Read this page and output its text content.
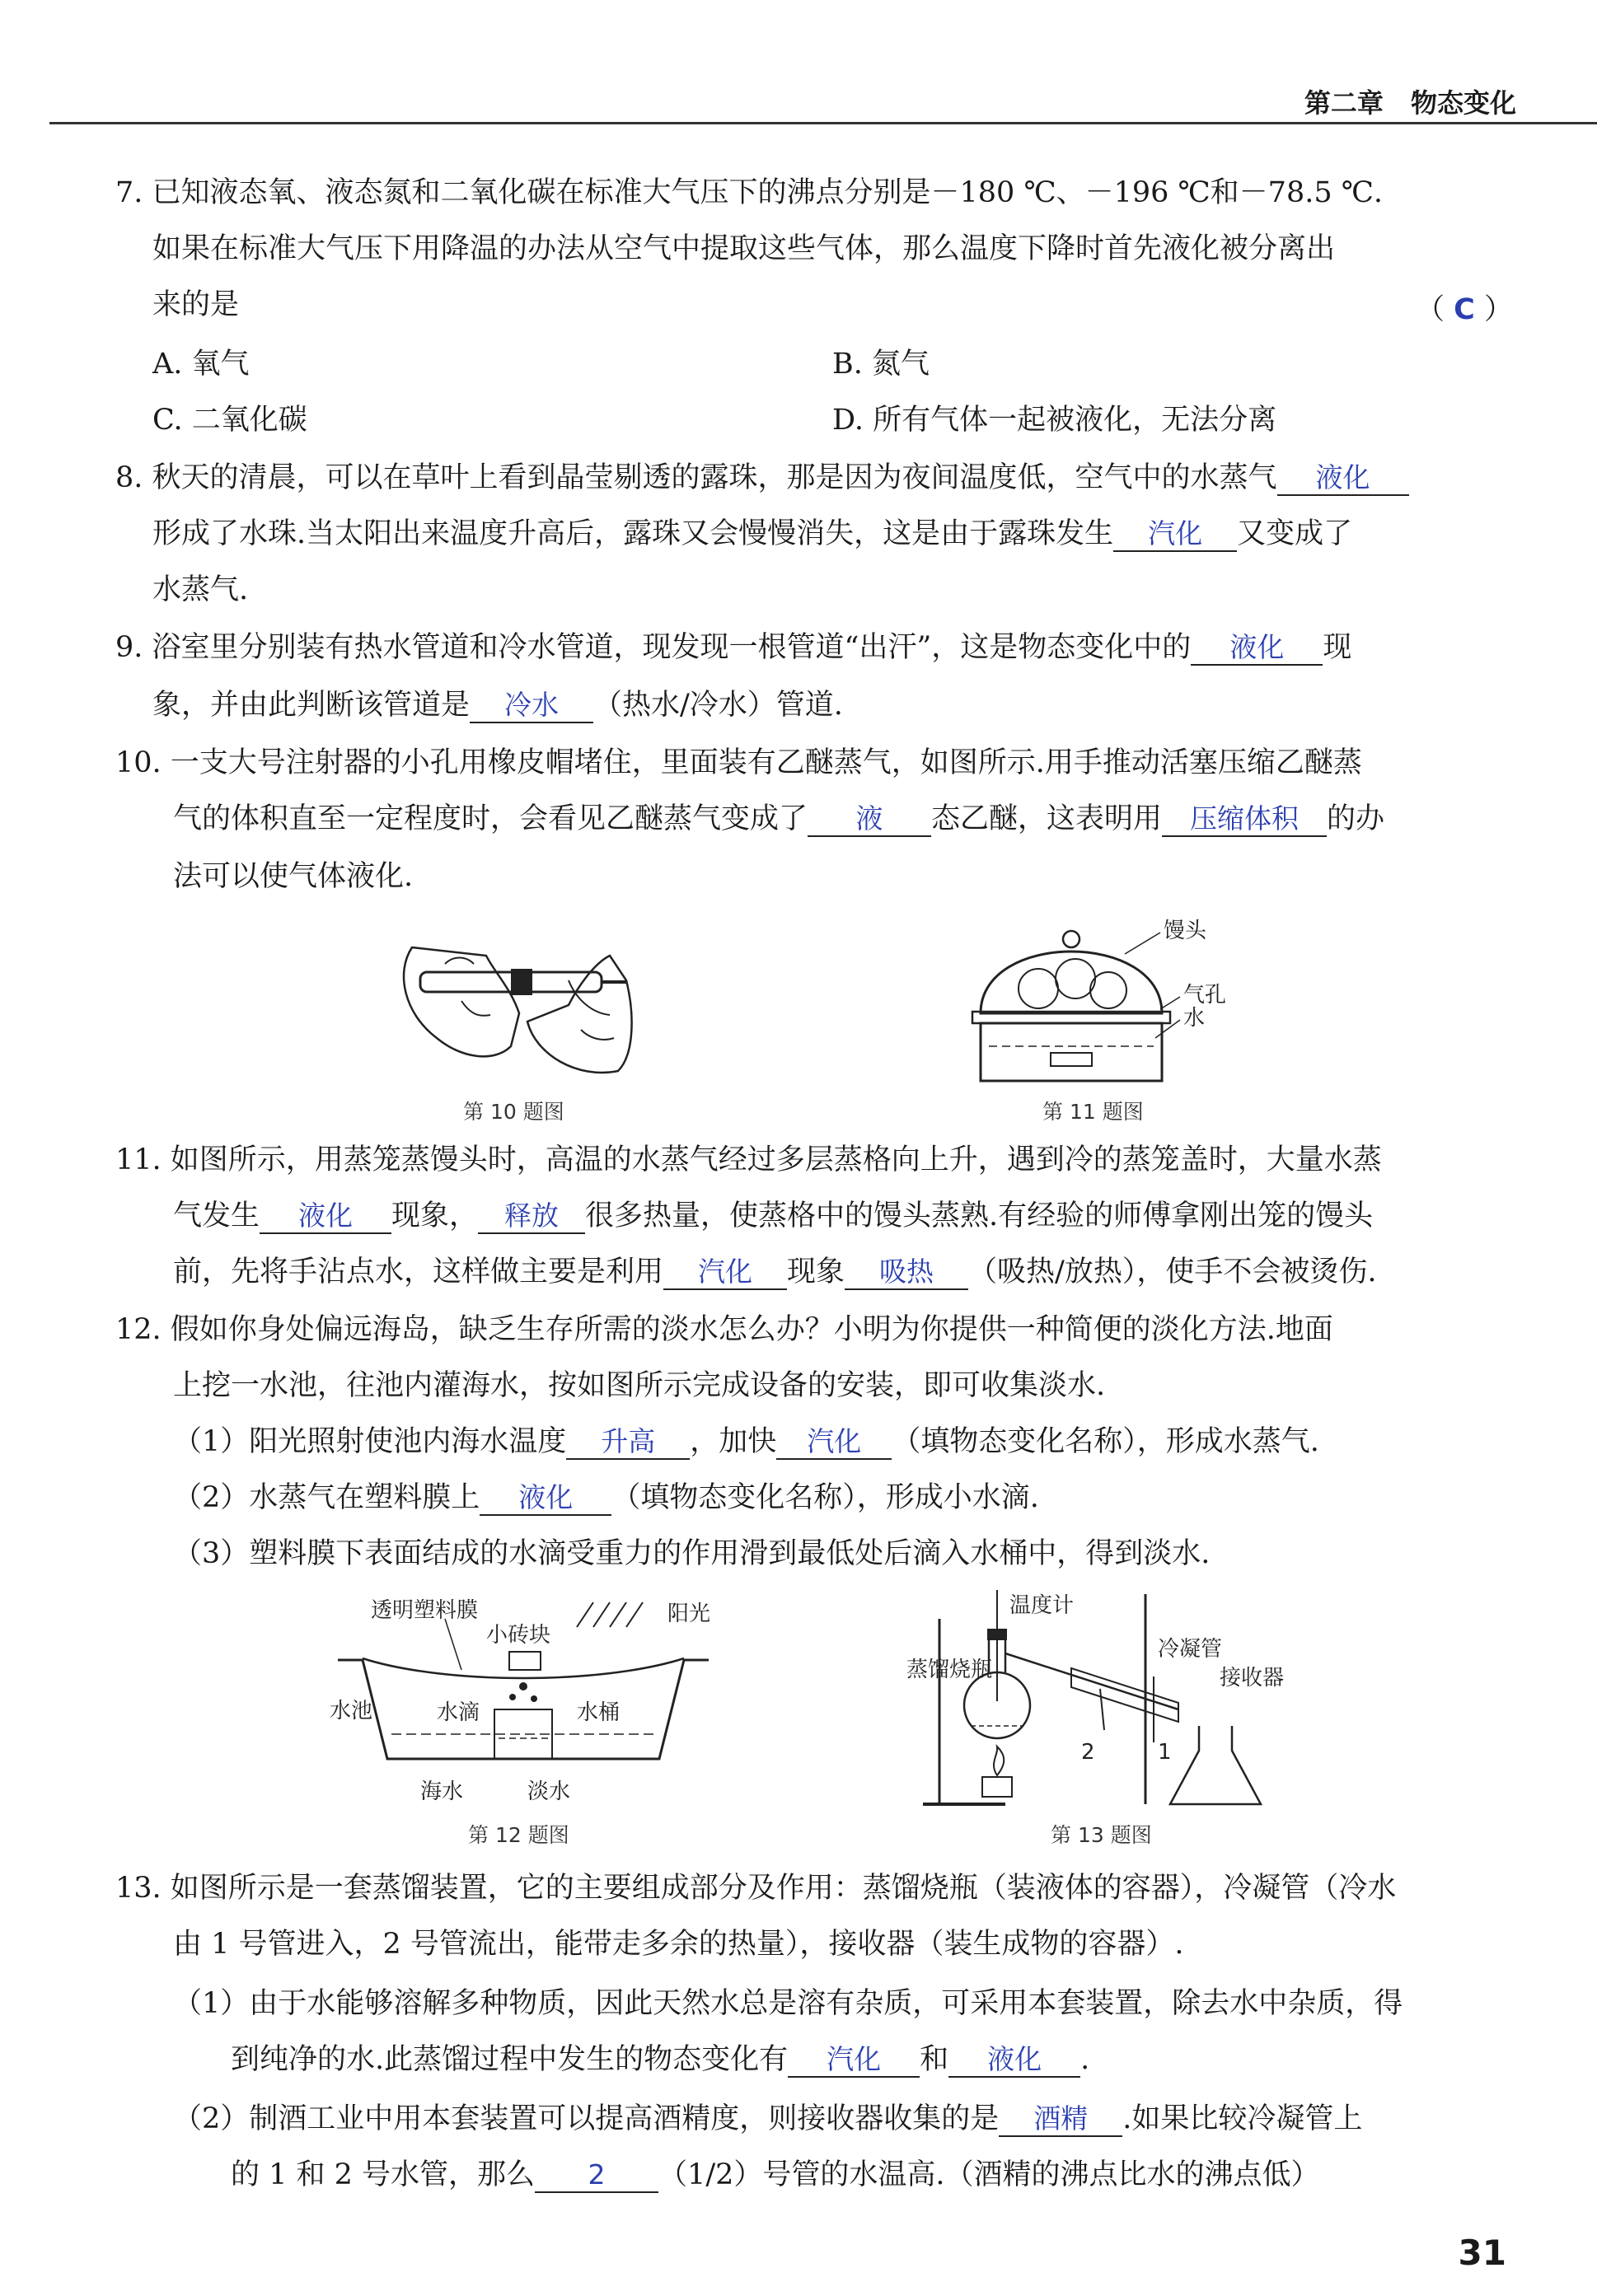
第二章 物态变化
7. 已知液态氧、液态氮和二氧化碳在标准大气压下的沸点分别是－180 ℃、－196 ℃和－78.5 ℃.
如果在标准大气压下用降温的办法从空气中提取这些气体，那么温度下降时首先液化被分离出
来的是	（ C ）
A. 氧气	B. 氮气
C. 二氧化碳	D. 所有气体一起被液化，无法分离
8. 秋天的清晨，可以在草叶上看到晶莹剔透的露珠，那是因为夜间温度低，空气中的水蒸气 液化
形成了水珠.当太阳出来温度升高后，露珠又会慢慢消失，这是由于露珠发生 汽化 又变成了
水蒸气.
9. 浴室里分别装有热水管道和冷水管道，现发现一根管道“出汗”，这是物态变化中的 液化 现
象，并由此判断该管道是 冷水 （热水/冷水）管道.
10. 一支大号注射器的小孔用橡皮帽堵住，里面装有乙醚蒸气，如图所示.用手推动活塞压缩乙醚蒸
气的体积直至一定程度时，会看见乙醚蒸气变成了 液 态乙醚，这表明用 压缩体积 的办
法可以使气体液化.
第 10 题图
馒头
气孔
水
第 11 题图
11. 如图所示，用蒸笼蒸馒头时，高温的水蒸气经过多层蒸格向上升，遇到冷的蒸笼盖时，大量水蒸
气发生 液化 现象， 释放 很多热量，使蒸格中的馒头蒸熟.有经验的师傅拿刚出笼的馒头
前，先将手沾点水，这样做主要是利用 汽化 现象 吸热 （吸热/放热），使手不会被烫伤.
12. 假如你身处偏远海岛，缺乏生存所需的淡水怎么办？小明为你提供一种简便的淡化方法.地面
上挖一水池，往池内灌海水，按如图所示完成设备的安装，即可收集淡水.
（1）阳光照射使池内海水温度 升高 ，加快 汽化 （填物态变化名称），形成水蒸气.
（2）水蒸气在塑料膜上 液化 （填物态变化名称），形成小水滴.
（3）塑料膜下表面结成的水滴受重力的作用滑到最低处后滴入水桶中，得到淡水.
透明塑料膜	阳光
小砖块
水池	水滴	水桶
海水	淡水
第 12 题图
温度计
蒸馏烧瓶
冷凝管
接收器
2	1
第 13 题图
13. 如图所示是一套蒸馏装置，它的主要组成部分及作用：蒸馏烧瓶（装液体的容器），冷凝管（冷水
由 1 号管进入，2 号管流出，能带走多余的热量），接收器（装生成物的容器）.
（1）由于水能够溶解多种物质，因此天然水总是溶有杂质，可采用本套装置，除去水中杂质，得
到纯净的水.此蒸馏过程中发生的物态变化有 汽化 和 液化 .
（2）制酒工业中用本套装置可以提高酒精度，则接收器收集的是 酒精 .如果比较冷凝管上
的 1 和 2 号水管，那么 2 （1/2）号管的水温高.（酒精的沸点比水的沸点低）
31
